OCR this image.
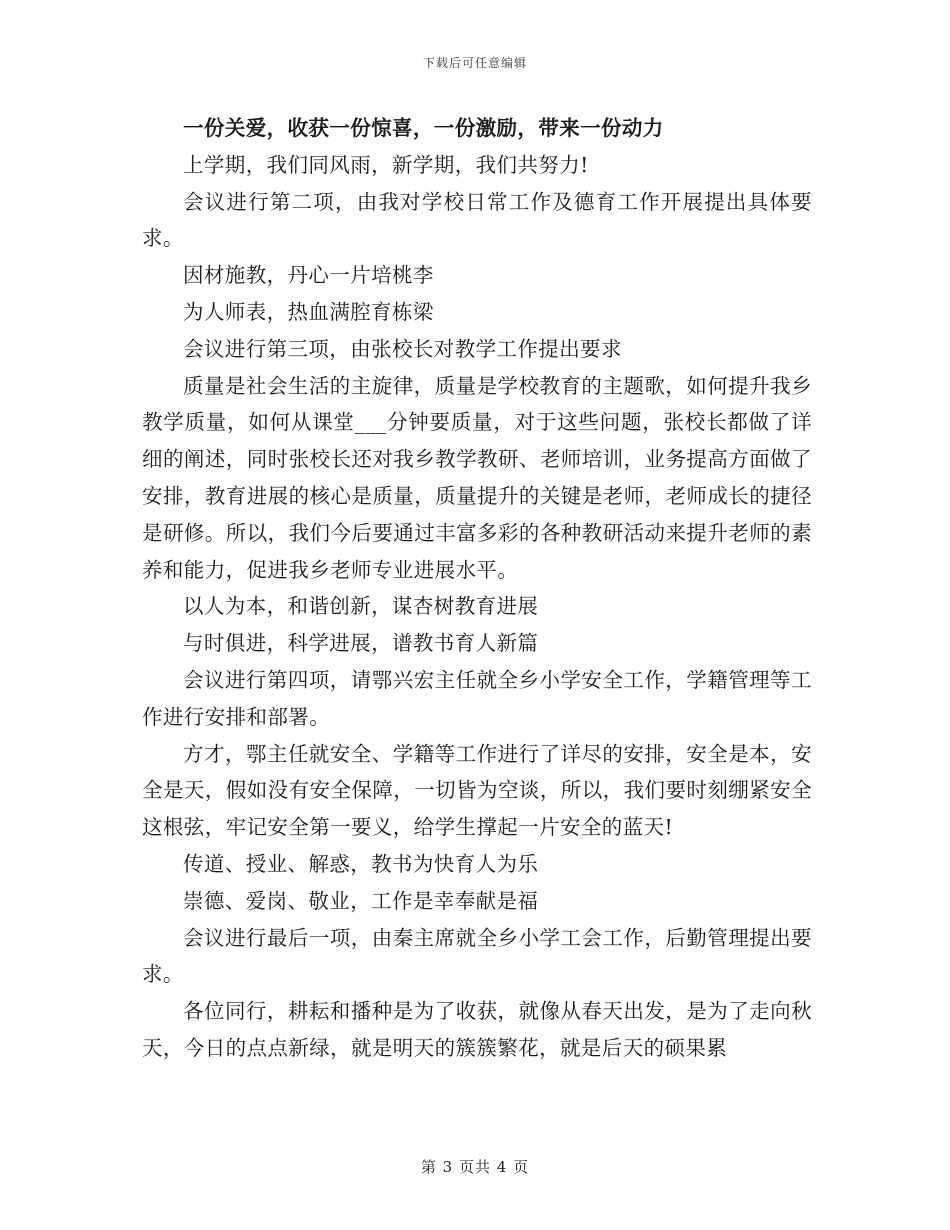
下载后可任意编辑

一份关爱，收获一份惊喜，一份激励，带来一份动力

上学期，我们同风雨，新学期，我们共努力!

会议进行第二项，由我对学校日常工作及德育工作开展提出具体要求。

因材施教，丹心一片培桃李

为人师表，热血满腔育栋梁

会议进行第三项，由张校长对教学工作提出要求

质量是社会生活的主旋律，质量是学校教育的主题歌，如何提升我乡教学质量，如何从课堂___分钟要质量，对于这些问题，张校长都做了详细的阐述，同时张校长还对我乡教学教研、老师培训，业务提高方面做了安排，教育进展的核心是质量，质量提升的关键是老师，老师成长的捷径是研修。所以，我们今后要通过丰富多彩的各种教研活动来提升老师的素养和能力，促进我乡老师专业进展水平。

以人为本，和谐创新，谋杏树教育进展

与时俱进，科学进展，谱教书育人新篇

会议进行第四项，请鄂兴宏主任就全乡小学安全工作，学籍管理等工作进行安排和部署。

方才，鄂主任就安全、学籍等工作进行了详尽的安排，安全是本，安全是天，假如没有安全保障，一切皆为空谈，所以，我们要时刻绷紧安全这根弦，牢记安全第一要义，给学生撑起一片安全的蓝天!

传道、授业、解惑，教书为快育人为乐

崇德、爱岗、敬业，工作是幸奉献是福

会议进行最后一项，由秦主席就全乡小学工会工作，后勤管理提出要求。

各位同行，耕耘和播种是为了收获，就像从春天出发，是为了走向秋天，今日的点点新绿，就是明天的簇簇繁花，就是后天的硕果累

第 3 页共 4 页
